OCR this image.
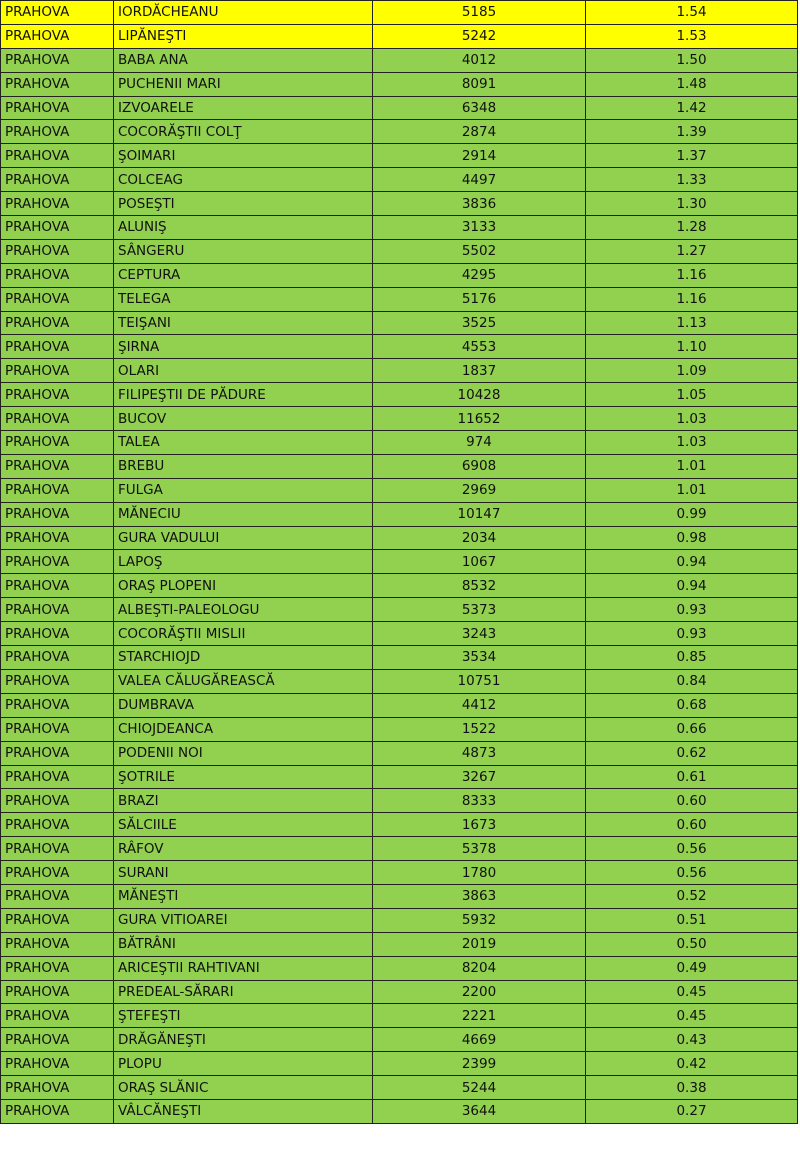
PRAHOVA	IORDĂCHEANU	5185	1.54
PRAHOVA	LIPĂNEŞTI	5242	1.53
PRAHOVA	BABA ANA	4012	1.50
PRAHOVA	PUCHENII MARI	8091	1.48
PRAHOVA	IZVOARELE	6348	1.42
PRAHOVA	COCORĂŞTII COLŢ	2874	1.39
PRAHOVA	ŞOIMARI	2914	1.37
PRAHOVA	COLCEAG	4497	1.33
PRAHOVA	POSEŞTI	3836	1.30
PRAHOVA	ALUNIŞ	3133	1.28
PRAHOVA	SÂNGERU	5502	1.27
PRAHOVA	CEPTURA	4295	1.16
PRAHOVA	TELEGA	5176	1.16
PRAHOVA	TEIŞANI	3525	1.13
PRAHOVA	ŞIRNA	4553	1.10
PRAHOVA	OLARI	1837	1.09
PRAHOVA	FILIPEŞTII DE PĂDURE	10428	1.05
PRAHOVA	BUCOV	11652	1.03
PRAHOVA	TALEA	974	1.03
PRAHOVA	BREBU	6908	1.01
PRAHOVA	FULGA	2969	1.01
PRAHOVA	MĂNECIU	10147	0.99
PRAHOVA	GURA VADULUI	2034	0.98
PRAHOVA	LAPOŞ	1067	0.94
PRAHOVA	ORAŞ PLOPENI	8532	0.94
PRAHOVA	ALBEŞTI-PALEOLOGU	5373	0.93
PRAHOVA	COCORĂŞTII MISLII	3243	0.93
PRAHOVA	STARCHIOJD	3534	0.85
PRAHOVA	VALEA CĂLUGĂREASCĂ	10751	0.84
PRAHOVA	DUMBRAVA	4412	0.68
PRAHOVA	CHIOJDEANCA	1522	0.66
PRAHOVA	PODENII NOI	4873	0.62
PRAHOVA	ŞOTRILE	3267	0.61
PRAHOVA	BRAZI	8333	0.60
PRAHOVA	SĂLCIILE	1673	0.60
PRAHOVA	RÂFOV	5378	0.56
PRAHOVA	SURANI	1780	0.56
PRAHOVA	MĂNEŞTI	3863	0.52
PRAHOVA	GURA VITIOAREI	5932	0.51
PRAHOVA	BĂTRÂNI	2019	0.50
PRAHOVA	ARICEŞTII RAHTIVANI	8204	0.49
PRAHOVA	PREDEAL-SĂRARI	2200	0.45
PRAHOVA	ŞTEFEŞTI	2221	0.45
PRAHOVA	DRĂGĂNEŞTI	4669	0.43
PRAHOVA	PLOPU	2399	0.42
PRAHOVA	ORAŞ SLĂNIC	5244	0.38
PRAHOVA	VÂLCĂNEŞTI	3644	0.27
